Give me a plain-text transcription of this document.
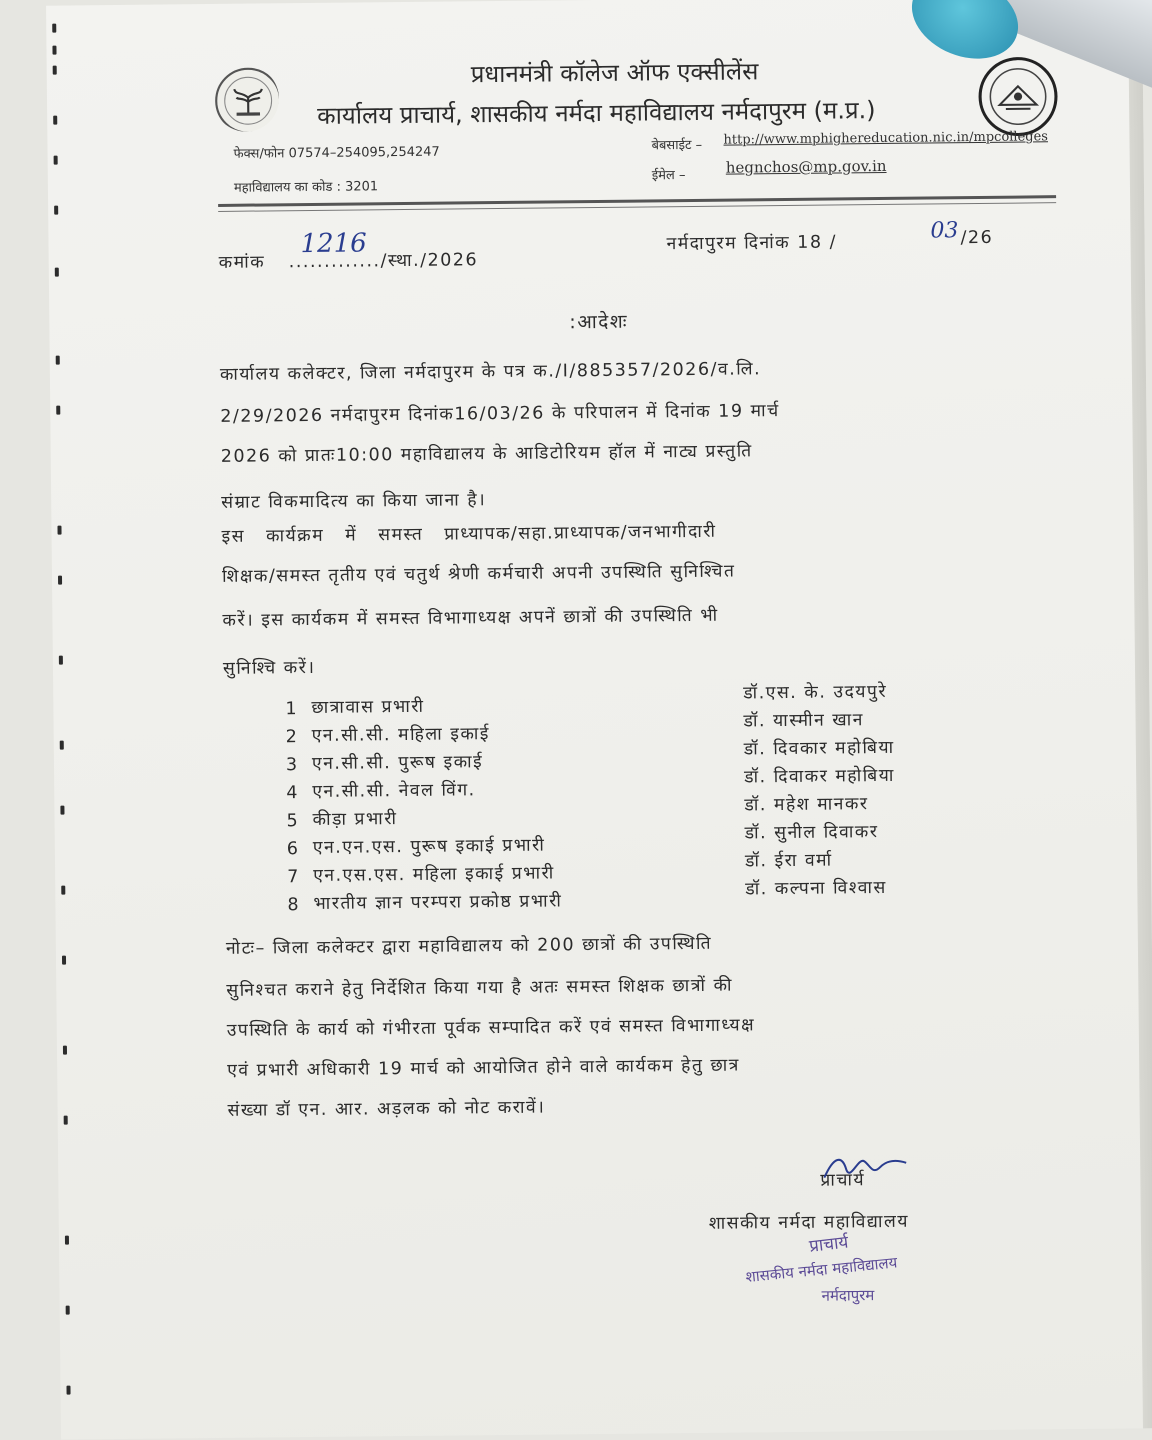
प्रधानमंत्री कॉलेज ऑफ एक्सीलेंस
कार्यालय प्राचार्य, शासकीय नर्मदा महाविद्यालय नर्मदापुरम (म.प्र.)
फेक्स/फोन 07574–254095,254247
महाविद्यालय का कोड : 3201
बेबसाईट – http://www.mphighereducation.nic.in/mpcolleges
ईमेल –	hegnchos@mp.gov.in
कमांक
1216
............./स्था./2026
नर्मदापुरम दिनांक 18 /	03 /26
:आदेशः
कार्यालय कलेक्टर, जिला नर्मदापुरम के पत्र क./I/885357/2026/व.लि.
2/29/2026 नर्मदापुरम दिनांक16/03/26 के परिपालन में दिनांक 19 मार्च
2026 को प्रातः10:00 महाविद्यालय के आडिटोरियम हॉल में नाट्य प्रस्तुति
संम्राट विकमादित्य का किया जाना है।
इस कार्यक्रम में समस्त प्राध्यापक/सहा.प्राध्यापक/जनभागीदारी
शिक्षक/समस्त तृतीय एवं चतुर्थ श्रेणी कर्मचारी अपनी उपस्थिति सुनिश्चित
करें। इस कार्यकम में समस्त विभागाध्यक्ष अपनें छात्रों की उपस्थिति भी
सुनिश्चि करें।
1 छात्रावास प्रभारी
डॉ.एस. के. उदयपुरे
2 एन.सी.सी. महिला इकाई
डॉ. यास्मीन खान
3 एन.सी.सी. पुरूष इकाई
डॉ. दिवकार महोबिया
4 एन.सी.सी. नेवल विंग.
डॉ. दिवाकर महोबिया
5 कीड़ा प्रभारी
डॉ. महेश मानकर
6 एन.एन.एस. पुरूष इकाई प्रभारी
डॉ. सुनील दिवाकर
7 एन.एस.एस. महिला इकाई प्रभारी
डॉ. ईरा वर्मा
8 भारतीय ज्ञान परम्परा प्रकोष्ठ प्रभारी
डॉ. कल्पना विश्वास
नोटः– जिला कलेक्टर द्वारा महाविद्यालय को 200 छात्रों की उपस्थिति
सुनिश्चत कराने हेतु निर्देशित किया गया है अतः समस्त शिक्षक छात्रों की
उपस्थिति के कार्य को गंभीरता पूर्वक सम्पादित करें एवं समस्त विभागाध्यक्ष
एवं प्रभारी अधिकारी 19 मार्च को आयोजित होने वाले कार्यकम हेतु छात्र
संख्या डॉ एन. आर. अड़लक को नोट करावें।
प्राचार्य
शासकीय नर्मदा महाविद्यालय
प्राचार्य
शासकीय नर्मदा महाविद्यालय
नर्मदापुरम
